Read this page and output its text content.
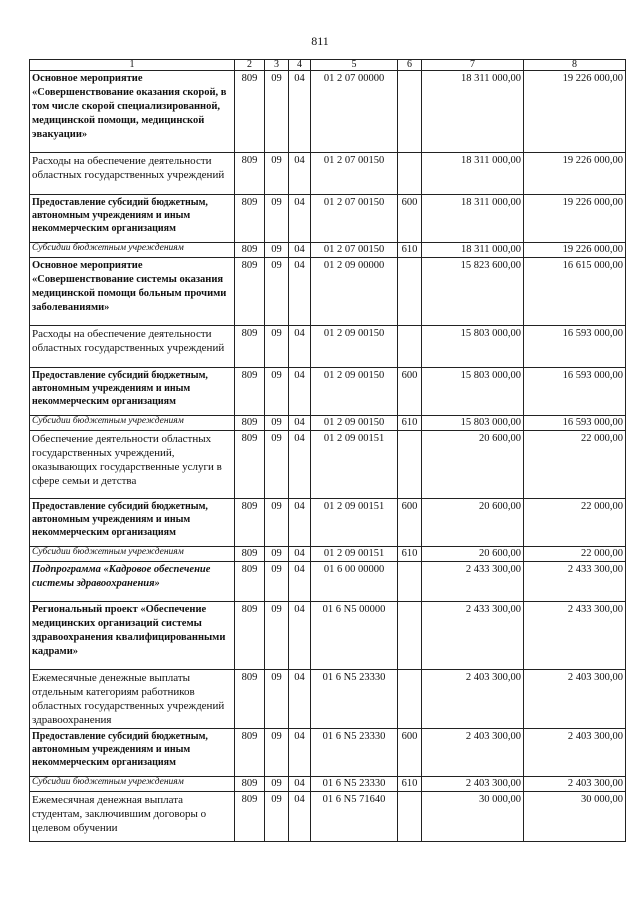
811
1	2	3	4	5	6	7	8
Основное мероприятие «Совершенствование оказания скорой, в том числе скорой специализированной, медицинской помощи, медицинской эвакуации»	809	09	04	01 2 07 00000		18 311 000,00	19 226 000,00
Расходы на обеспечение деятельности областных государственных учреждений	809	09	04	01 2 07 00150		18 311 000,00	19 226 000,00
Предоставление субсидий бюджетным, автономным учреждениям и иным некоммерческим организациям	809	09	04	01 2 07 00150	600	18 311 000,00	19 226 000,00
Субсидии бюджетным учреждениям	809	09	04	01 2 07 00150	610	18 311 000,00	19 226 000,00
Основное мероприятие «Совершенствование системы оказания медицинской помощи больным прочими заболеваниями»	809	09	04	01 2 09 00000		15 823 600,00	16 615 000,00
Расходы на обеспечение деятельности областных государственных учреждений	809	09	04	01 2 09 00150		15 803 000,00	16 593 000,00
Предоставление субсидий бюджетным, автономным учреждениям и иным некоммерческим организациям	809	09	04	01 2 09 00150	600	15 803 000,00	16 593 000,00
Субсидии бюджетным учреждениям	809	09	04	01 2 09 00150	610	15 803 000,00	16 593 000,00
Обеспечение деятельности областных государственных учреждений, оказывающих государственные услуги в сфере семьи и детства	809	09	04	01 2 09 00151		20 600,00	22 000,00
Предоставление субсидий бюджетным, автономным учреждениям и иным некоммерческим организациям	809	09	04	01 2 09 00151	600	20 600,00	22 000,00
Субсидии бюджетным учреждениям	809	09	04	01 2 09 00151	610	20 600,00	22 000,00
Подпрограмма «Кадровое обеспечение системы здравоохранения»	809	09	04	01 6 00 00000		2 433 300,00	2 433 300,00
Региональный проект «Обеспечение медицинских организаций системы здравоохранения квалифицированными кадрами»	809	09	04	01 6 N5 00000		2 433 300,00	2 433 300,00
Ежемесячные денежные выплаты отдельным категориям работников областных государственных учреждений здравоохранения	809	09	04	01 6 N5 23330		2 403 300,00	2 403 300,00
Предоставление субсидий бюджетным, автономным учреждениям и иным некоммерческим организациям	809	09	04	01 6 N5 23330	600	2 403 300,00	2 403 300,00
Субсидии бюджетным учреждениям	809	09	04	01 6 N5 23330	610	2 403 300,00	2 403 300,00
Ежемесячная денежная выплата студентам, заключившим договоры о целевом обучении	809	09	04	01 6 N5 71640		30 000,00	30 000,00
